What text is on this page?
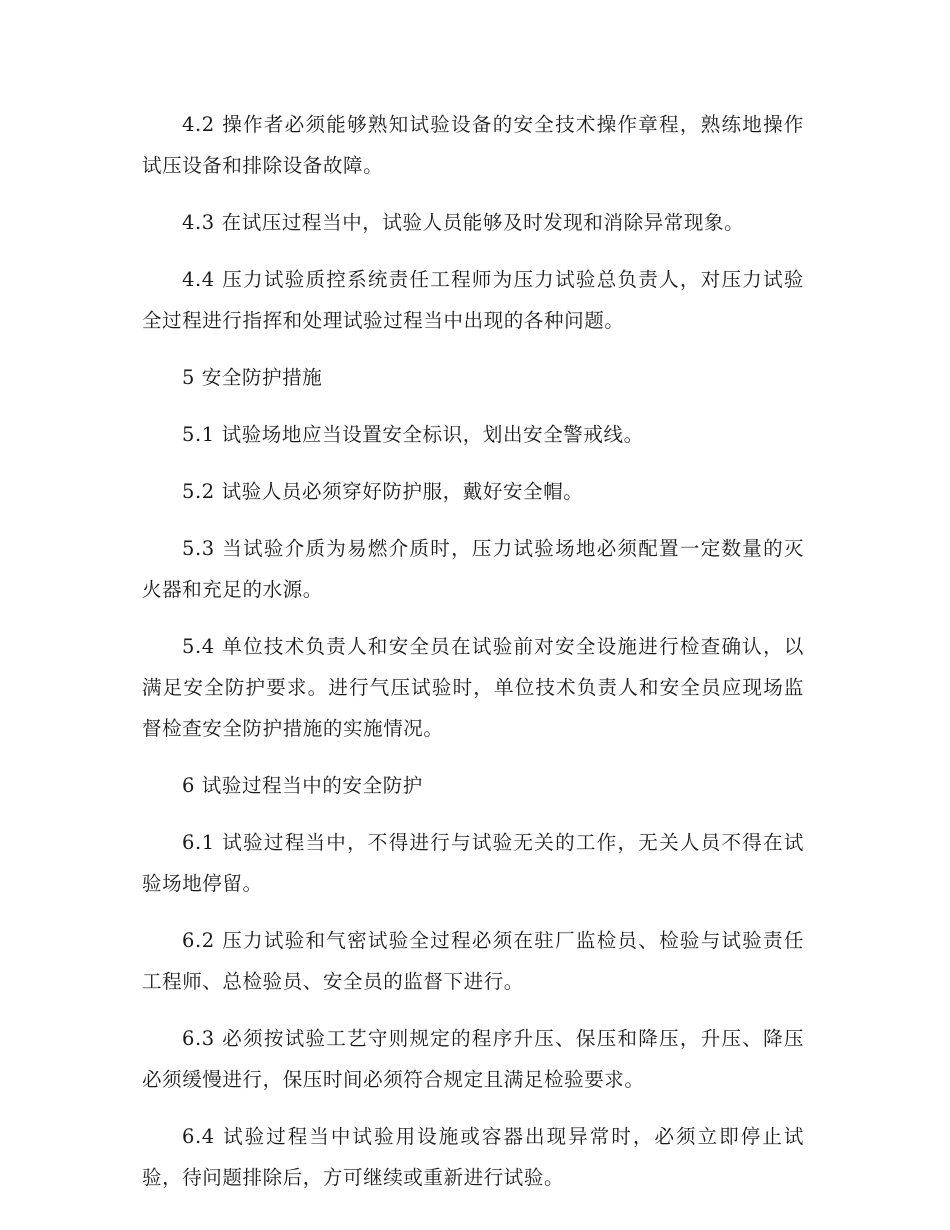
4.2 操作者必须能够熟知试验设备的安全技术操作章程，熟练地操作试压设备和排除设备故障。

4.3 在试压过程当中，试验人员能够及时发现和消除异常现象。

4.4 压力试验质控系统责任工程师为压力试验总负责人，对压力试验全过程进行指挥和处理试验过程当中出现的各种问题。

5 安全防护措施

5.1 试验场地应当设置安全标识，划出安全警戒线。

5.2 试验人员必须穿好防护服，戴好安全帽。

5.3 当试验介质为易燃介质时，压力试验场地必须配置一定数量的灭火器和充足的水源。

5.4 单位技术负责人和安全员在试验前对安全设施进行检查确认，以满足安全防护要求。进行气压试验时，单位技术负责人和安全员应现场监督检查安全防护措施的实施情况。

6 试验过程当中的安全防护

6.1 试验过程当中，不得进行与试验无关的工作，无关人员不得在试验场地停留。

6.2 压力试验和气密试验全过程必须在驻厂监检员、检验与试验责任工程师、总检验员、安全员的监督下进行。

6.3 必须按试验工艺守则规定的程序升压、保压和降压，升压、降压必须缓慢进行，保压时间必须符合规定且满足检验要求。

6.4 试验过程当中试验用设施或容器出现异常时，必须立即停止试验，待问题排除后，方可继续或重新进行试验。
